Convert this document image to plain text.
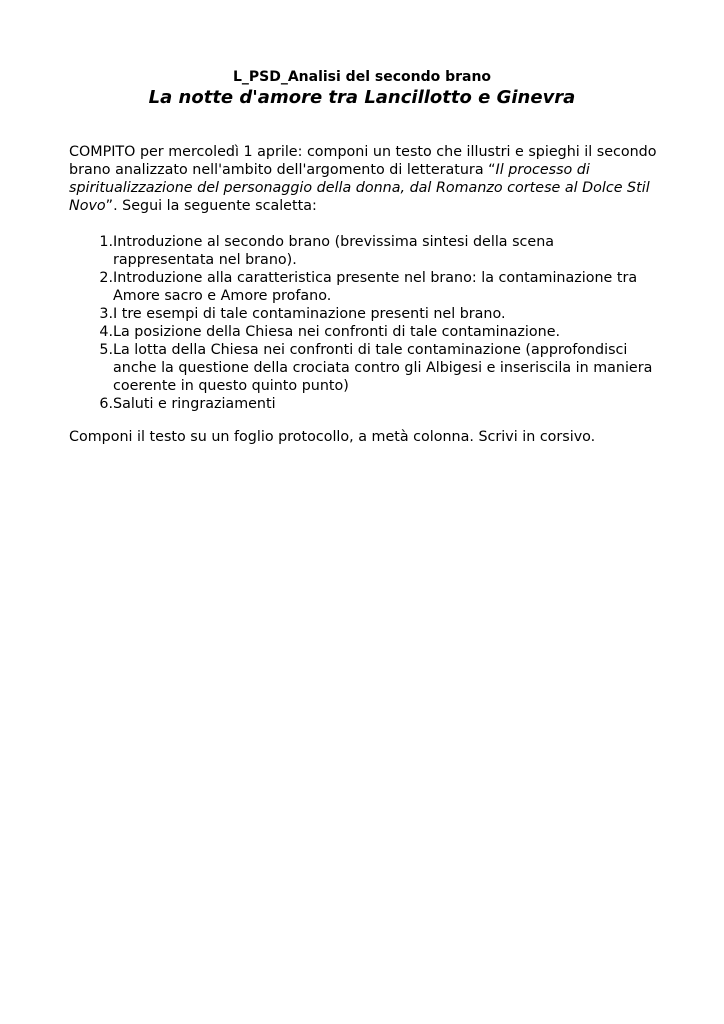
L_PSD_Analisi del secondo brano
La notte d'amore tra Lancillotto e Ginevra
COMPITO per mercoledì 1 aprile: componi un testo che illustri e spieghi il secondo brano analizzato nell'ambito dell'argomento di letteratura “Il processo di spiritualizzazione del personaggio della donna, dal Romanzo cortese al Dolce Stil Novo”. Segui la seguente scaletta:
1. Introduzione al secondo brano (brevissima sintesi della scena rappresentata nel brano).
2. Introduzione alla caratteristica presente nel brano: la contaminazione tra Amore sacro e Amore profano.
3. I tre esempi di tale contaminazione presenti nel brano.
4. La posizione della Chiesa nei confronti di tale contaminazione.
5. La lotta della Chiesa nei confronti di tale contaminazione (approfondisci anche la questione della crociata contro gli Albigesi e inseriscila in maniera coerente in questo quinto punto)
6. Saluti e ringraziamenti
Componi il testo su un foglio protocollo, a metà colonna. Scrivi in corsivo.
